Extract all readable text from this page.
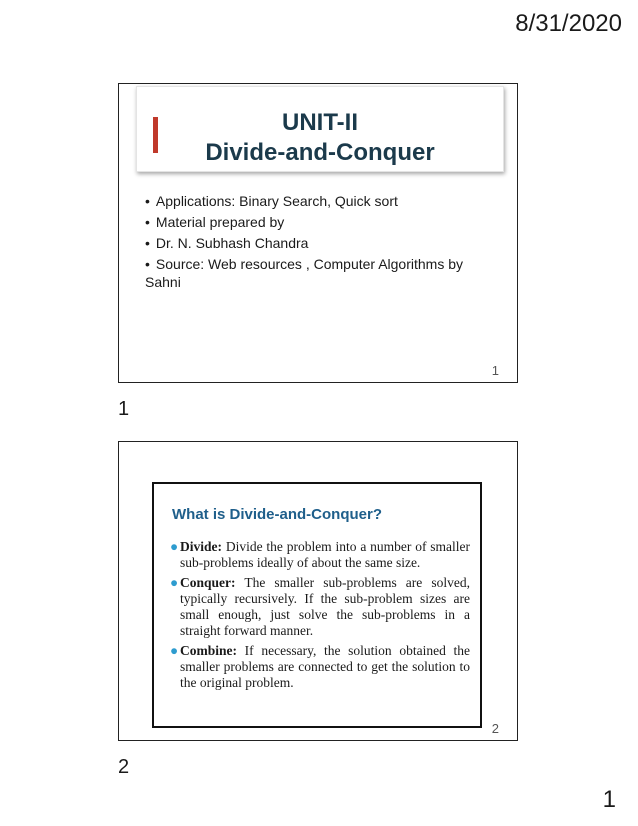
8/31/2020
UNIT-II
Divide-and-Conquer
• Applications: Binary Search, Quick sort
• Material prepared by
• Dr. N. Subhash Chandra
• Source: Web resources , Computer Algorithms by Sahni
1
1
What is Divide-and-Conquer?
● Divide: Divide the problem into a number of smaller sub-problems ideally of about the same size.
● Conquer: The smaller sub-problems are solved, typically recursively. If the sub-problem sizes are small enough, just solve the sub-problems in a straight forward manner.
● Combine: If necessary, the solution obtained the smaller problems are connected to get the solution to the original problem.
2
2
1
